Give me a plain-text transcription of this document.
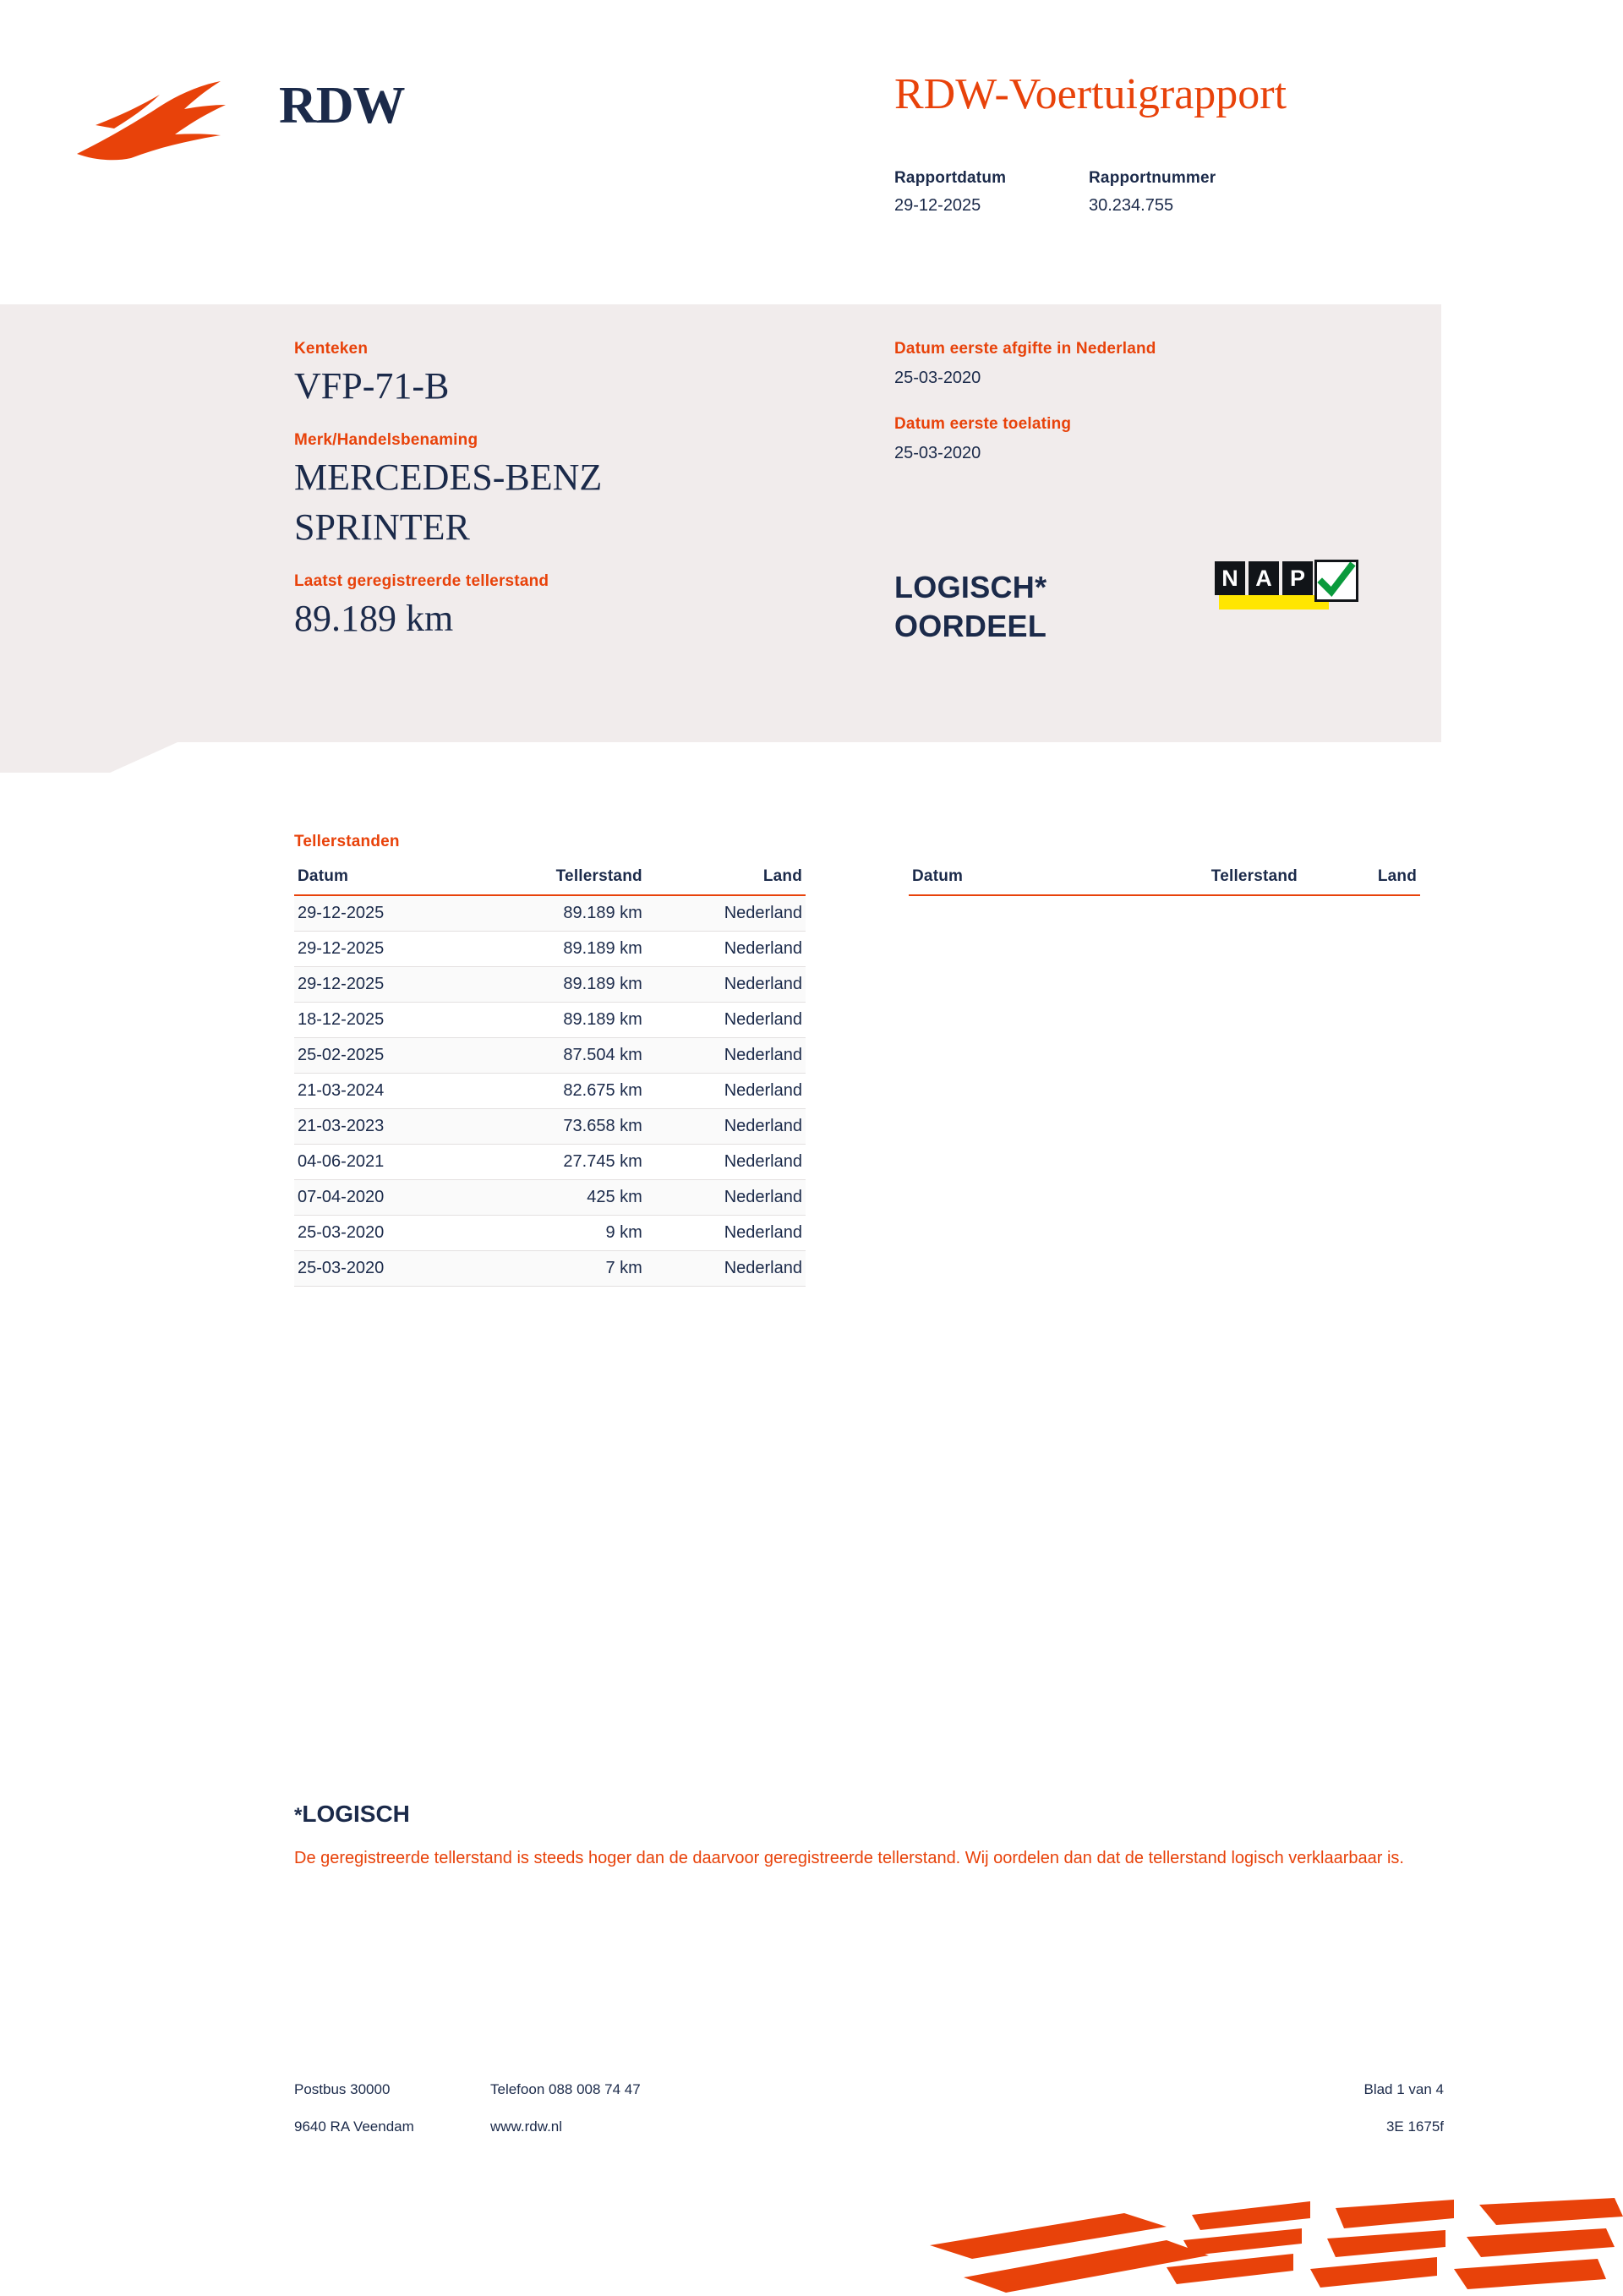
RDW	RDW-Voertuigrapport
Rapportdatum
29-12-2025
Rapportnummer
30.234.755
Kenteken
VFP-71-B
Merk/Handelsbenaming
MERCEDES-BENZ
SPRINTER
Laatst geregistreerde tellerstand
89.189 km
Datum eerste afgifte in Nederland
25-03-2020
Datum eerste toelating
25-03-2020
LOGISCH*
OORDEEL
N A P
Tellerstanden
Datum	Tellerstand	Land
29-12-2025	89.189 km	Nederland
29-12-2025	89.189 km	Nederland
29-12-2025	89.189 km	Nederland
18-12-2025	89.189 km	Nederland
25-02-2025	87.504 km	Nederland
21-03-2024	82.675 km	Nederland
21-03-2023	73.658 km	Nederland
04-06-2021	27.745 km	Nederland
07-04-2020	425 km	Nederland
25-03-2020	9 km	Nederland
25-03-2020	7 km	Nederland
Datum	Tellerstand	Land
*LOGISCH
De geregistreerde tellerstand is steeds hoger dan de daarvoor geregistreerde tellerstand. Wij oordelen dan dat de tellerstand logisch verklaarbaar is.
Postbus 30000	Telefoon 088 008 74 47	Blad 1 van 4
9640 RA Veendam	www.rdw.nl	3E 1675f
